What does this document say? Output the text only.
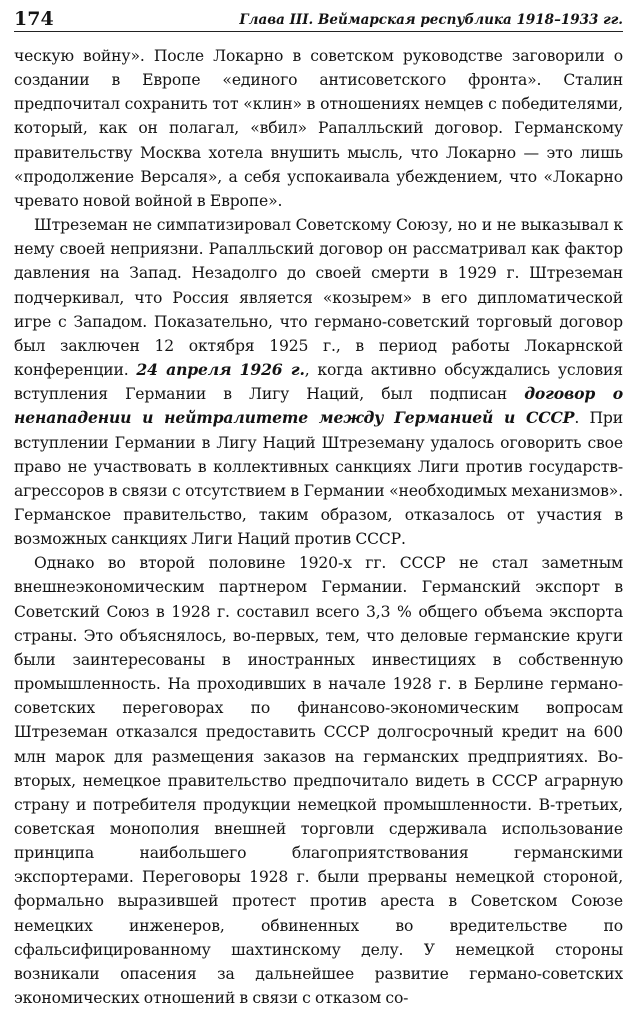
174	Глава III. Веймарская республика 1918–1933 гг.

ческую войну». После Локарно в советском руководстве заговорили о создании в Европе «единого антисоветского фронта». Сталин предпочитал сохранить тот «клин» в отношениях немцев с победителями, который, как он полагал, «вбил» Рапалльский договор. Германскому правительству Москва хотела внушить мысль, что Локарно — это лишь «продолжение Версаля», а себя успокаивала убеждением, что «Локарно чревато новой войной в Европе».

Штреземан не симпатизировал Советскому Союзу, но и не выказывал к нему своей неприязни. Рапалльский договор он рассматривал как фактор давления на Запад. Незадолго до своей смерти в 1929 г. Штреземан подчеркивал, что Россия является «козырем» в его дипломатической игре с Западом. Показательно, что германо-советский торговый договор был заключен 12 октября 1925 г., в период работы Локарнской конференции. 24 апреля 1926 г., когда активно обсуждались условия вступления Германии в Лигу Наций, был подписан договор о ненападении и нейтралитете между Германией и СССР. При вступлении Германии в Лигу Наций Штреземану удалось оговорить свое право не участвовать в коллективных санкциях Лиги против государств-агрессоров в связи с отсутствием в Германии «необходимых механизмов». Германское правительство, таким образом, отказалось от участия в возможных санкциях Лиги Наций против СССР.

Однако во второй половине 1920-х гг. СССР не стал заметным внешнеэкономическим партнером Германии. Германский экспорт в Советский Союз в 1928 г. составил всего 3,3 % общего объема экспорта страны. Это объяснялось, во-первых, тем, что деловые германские круги были заинтересованы в иностранных инвестициях в собственную промышленность. На проходивших в начале 1928 г. в Берлине германо-советских переговорах по финансово-экономическим вопросам Штреземан отказался предоставить СССР долгосрочный кредит на 600 млн марок для размещения заказов на германских предприятиях. Во-вторых, немецкое правительство предпочитало видеть в СССР аграрную страну и потребителя продукции немецкой промышленности. В-третьих, советская монополия внешней торговли сдерживала использование принципа наибольшего благоприятствования германскими экспортерами. Переговоры 1928 г. были прерваны немецкой стороной, формально выразившей протест против ареста в Советском Союзе немецких инженеров, обвиненных во вредительстве по сфальсифицированному шахтинскому делу. У немецкой стороны возникали опасения за дальнейшее развитие германо-советских экономических отношений в связи с отказом со-
